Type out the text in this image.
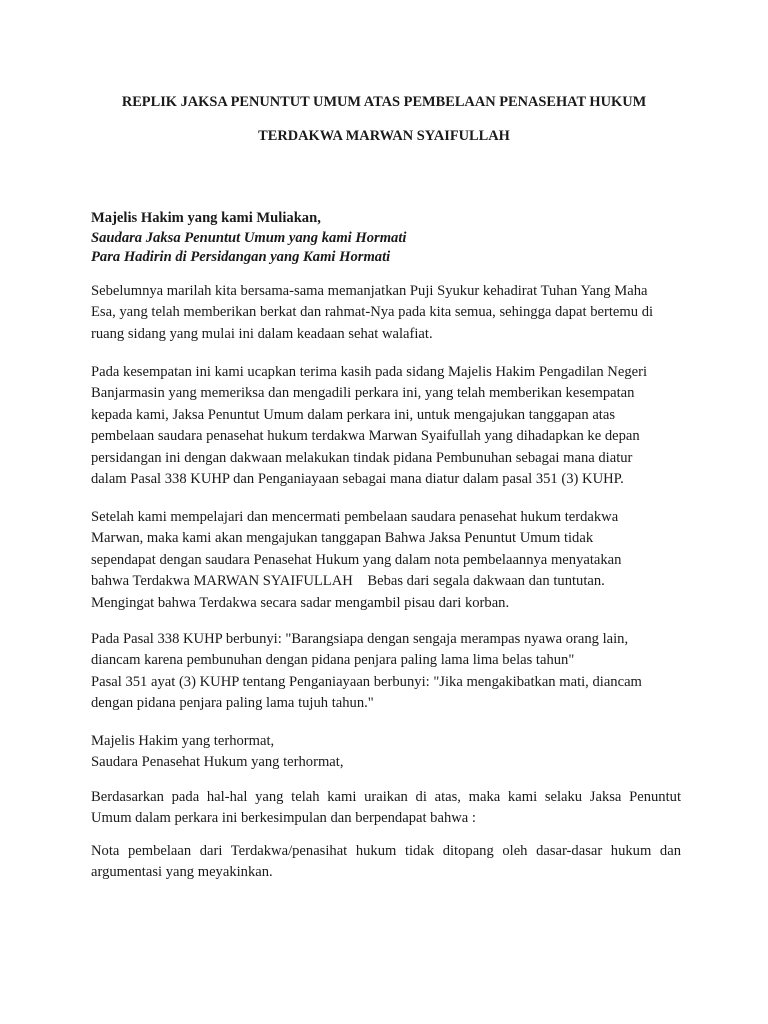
REPLIK JAKSA PENUNTUT UMUM ATAS PEMBELAAN PENASEHAT HUKUM
TERDAKWA MARWAN SYAIFULLAH
Majelis Hakim yang kami Muliakan,
Saudara Jaksa Penuntut Umum yang kami Hormati
Para Hadirin di Persidangan yang Kami Hormati

Sebelumnya marilah kita bersama-sama memanjatkan Puji Syukur kehadirat Tuhan Yang Maha
Esa, yang telah memberikan berkat dan rahmat-Nya pada kita semua, sehingga dapat bertemu di
ruang sidang yang mulai ini dalam keadaan sehat walafiat.

Pada kesempatan ini kami ucapkan terima kasih pada sidang Majelis Hakim Pengadilan Negeri
Banjarmasin yang memeriksa dan mengadili perkara ini, yang telah memberikan kesempatan
kepada kami, Jaksa Penuntut Umum dalam perkara ini, untuk mengajukan tanggapan atas
pembelaan saudara penasehat hukum terdakwa Marwan Syaifullah yang dihadapkan ke depan
persidangan ini dengan dakwaan melakukan tindak pidana Pembunuhan sebagai mana diatur
dalam Pasal 338 KUHP dan Penganiayaan sebagai mana diatur dalam pasal 351 (3) KUHP.

Setelah kami mempelajari dan mencermati pembelaan saudara penasehat hukum terdakwa
Marwan, maka kami akan mengajukan tanggapan Bahwa Jaksa Penuntut Umum tidak
sependapat dengan saudara Penasehat Hukum yang dalam nota pembelaannya menyatakan
bahwa Terdakwa MARWAN SYAIFULLAH    Bebas dari segala dakwaan dan tuntutan.
Mengingat bahwa Terdakwa secara sadar mengambil pisau dari korban.

Pada Pasal 338 KUHP berbunyi: "Barangsiapa dengan sengaja merampas nyawa orang lain,
diancam karena pembunuhan dengan pidana penjara paling lama lima belas tahun"
Pasal 351 ayat (3) KUHP tentang Penganiayaan berbunyi: "Jika mengakibatkan mati, diancam
dengan pidana penjara paling lama tujuh tahun."

Majelis Hakim yang terhormat,
Saudara Penasehat Hukum yang terhormat,

Berdasarkan pada hal-hal yang telah kami uraikan di atas, maka kami selaku Jaksa Penuntut
Umum dalam perkara ini berkesimpulan dan berpendapat bahwa :

Nota pembelaan dari Terdakwa/penasihat hukum tidak ditopang oleh dasar-dasar hukum dan
argumentasi yang meyakinkan.
